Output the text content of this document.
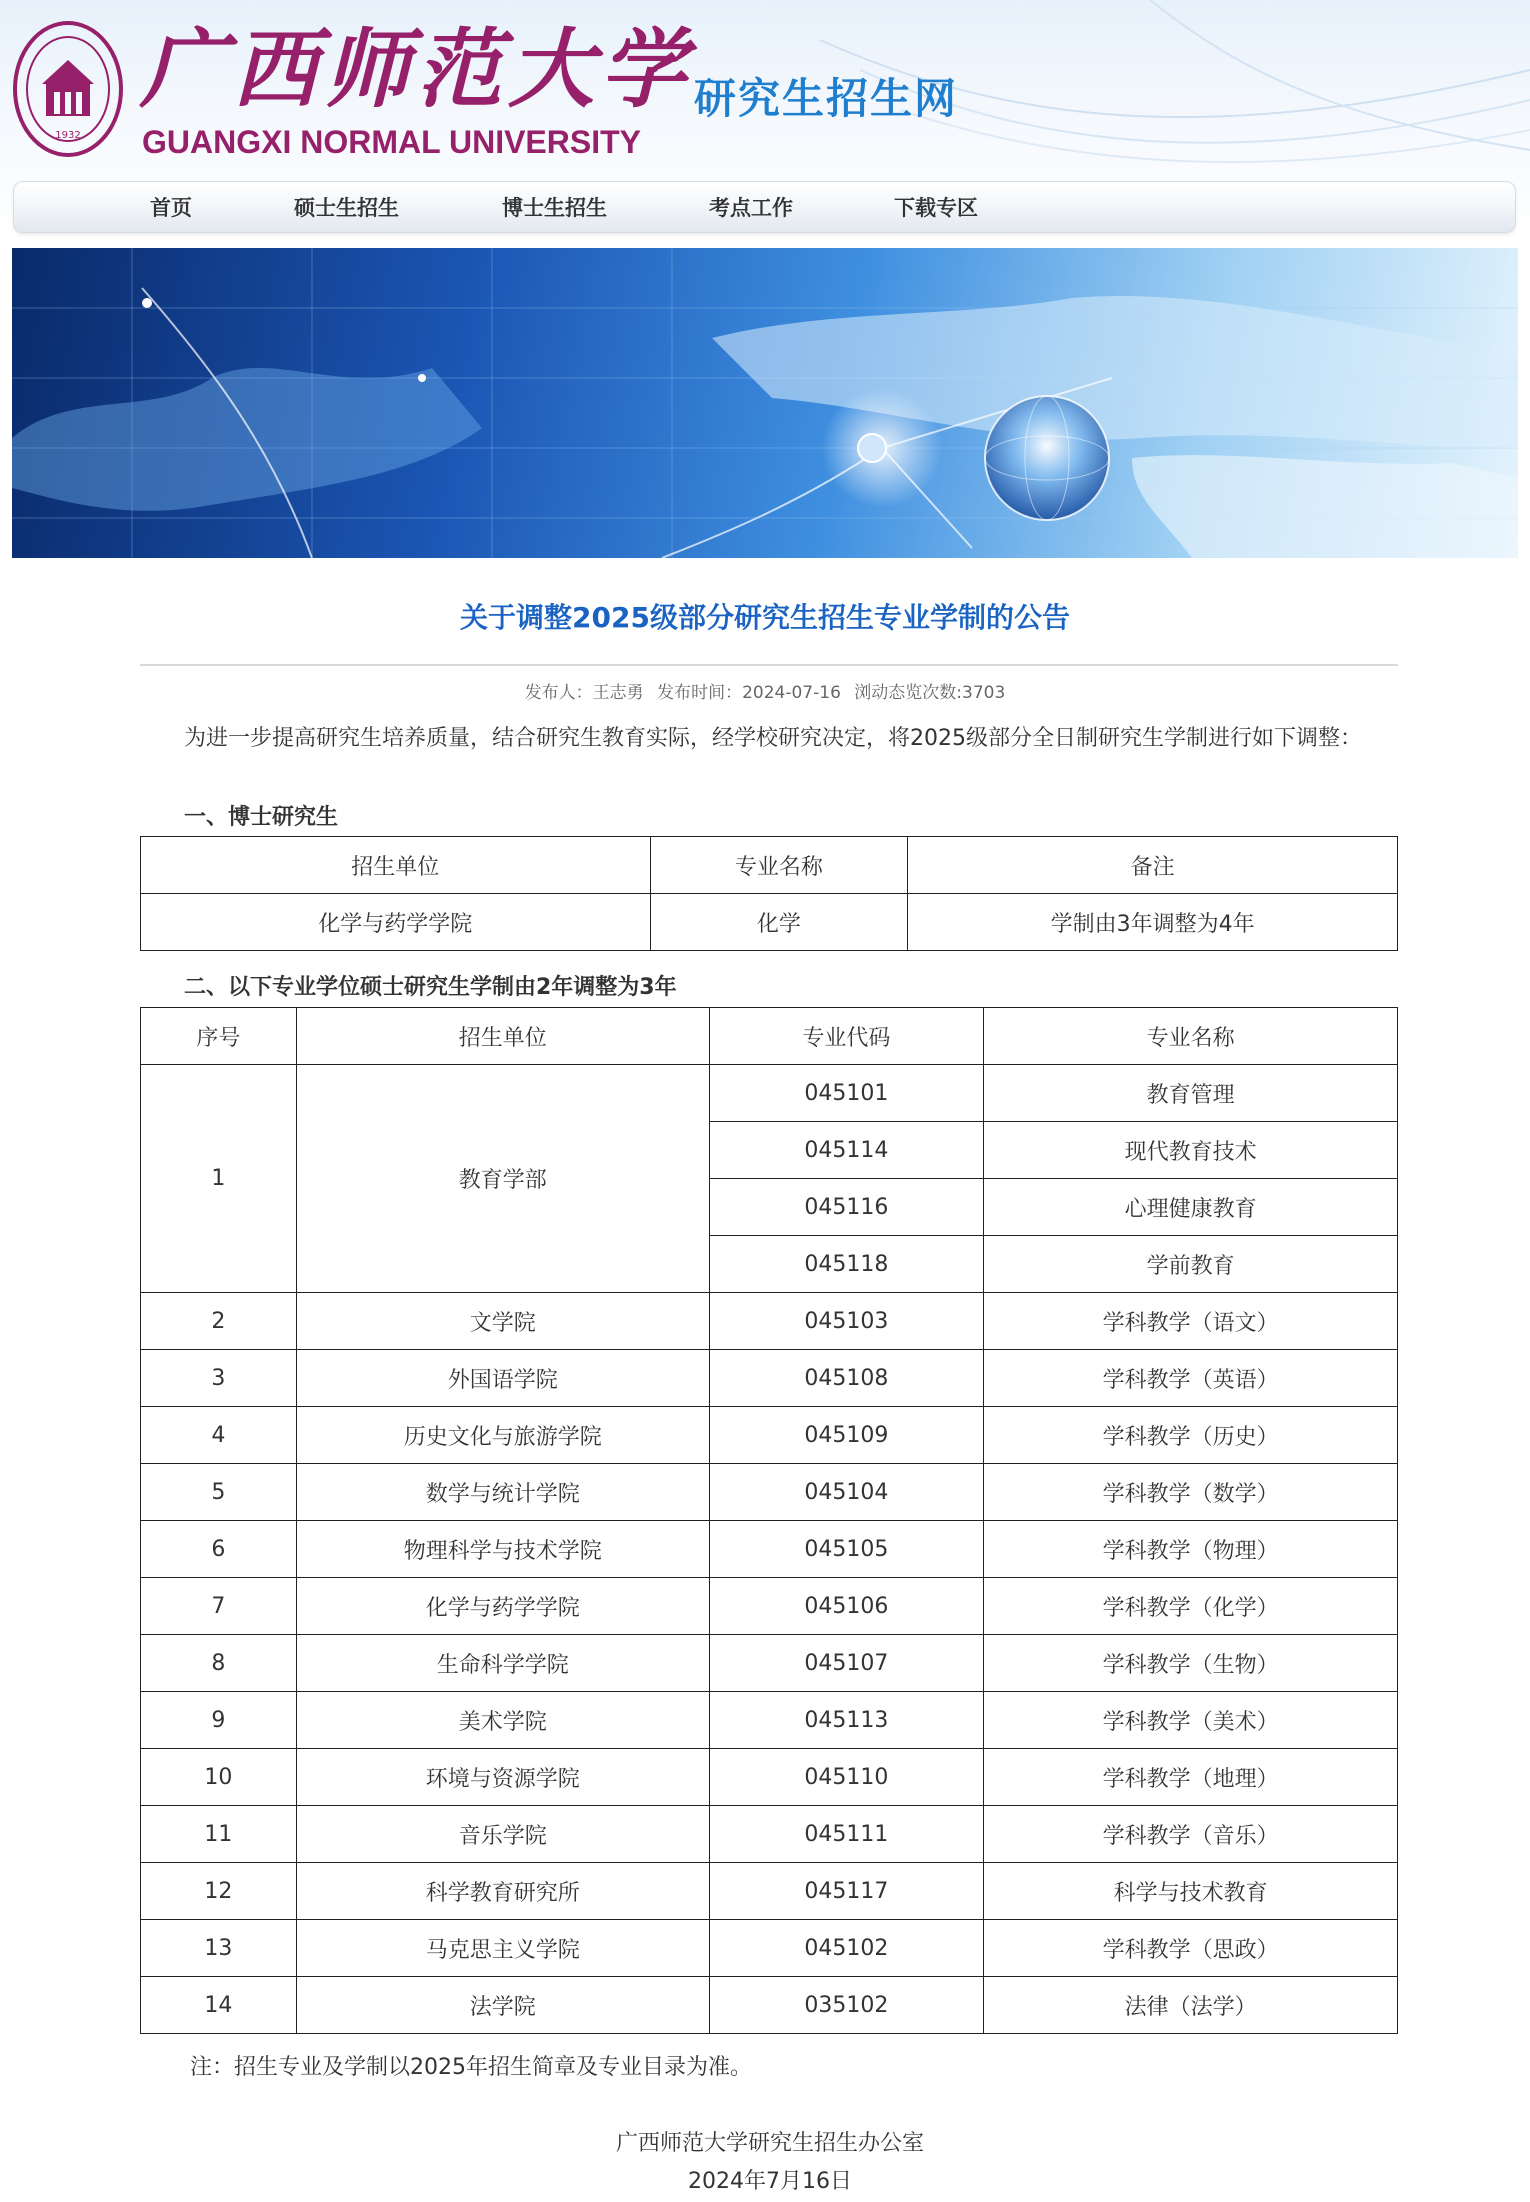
1932
广西师范大学
GUANGXI NORMAL UNIVERSITY
研究生招生网
首页	硕士生招生	博士生招生	考点工作	下载专区
关于调整2025级部分研究生招生专业学制的公告
发布人：王志勇 发布时间：2024-07-16 浏动态览次数:3703
为进一步提高研究生培养质量，结合研究生教育实际，经学校研究决定，将2025级部分全日制研究生学制进行如下调整：
一、博士研究生
招生单位	专业名称	备注
化学与药学学院	化学	学制由3年调整为4年
二、以下专业学位硕士研究生学制由2年调整为3年
序号	招生单位	专业代码	专业名称
1	教育学部	045101	教育管理
		045114	现代教育技术
		045116	心理健康教育
		045118	学前教育
2	文学院	045103	学科教学（语文）
3	外国语学院	045108	学科教学（英语）
4	历史文化与旅游学院	045109	学科教学（历史）
5	数学与统计学院	045104	学科教学（数学）
6	物理科学与技术学院	045105	学科教学（物理）
7	化学与药学学院	045106	学科教学（化学）
8	生命科学学院	045107	学科教学（生物）
9	美术学院	045113	学科教学（美术）
10	环境与资源学院	045110	学科教学（地理）
11	音乐学院	045111	学科教学（音乐）
12	科学教育研究所	045117	科学与技术教育
13	马克思主义学院	045102	学科教学（思政）
14	法学院	035102	法律（法学）
注：招生专业及学制以2025年招生简章及专业目录为准。
广西师范大学研究生招生办公室
2024年7月16日
